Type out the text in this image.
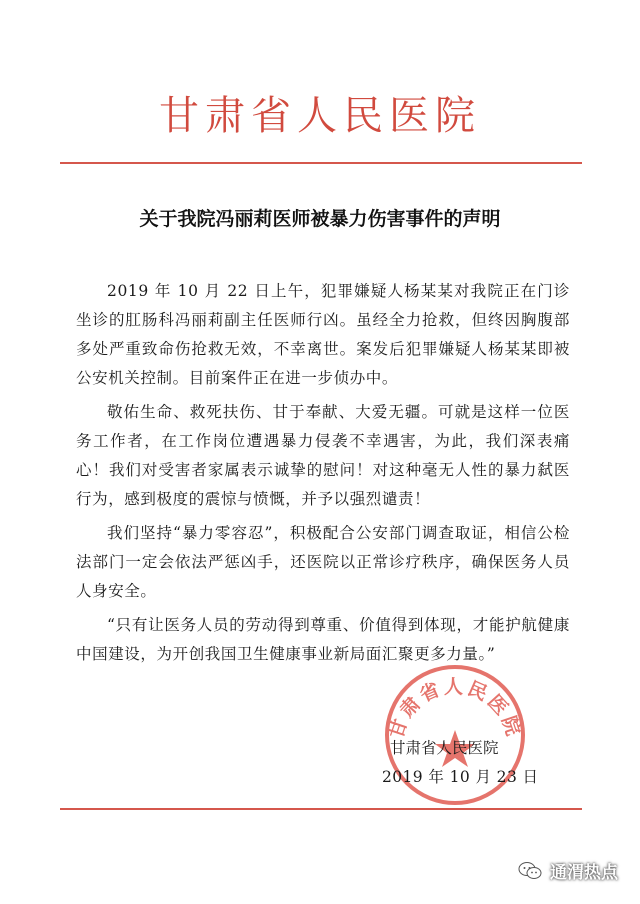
甘肃省人民医院
关于我院冯丽莉医师被暴力伤害事件的声明

2019 年 10 月 22 日上午，犯罪嫌疑人杨某某对我院正在门诊坐诊的肛肠科冯丽莉副主任医师行凶。虽经全力抢救，但终因胸腹部多处严重致命伤抢救无效，不幸离世。案发后犯罪嫌疑人杨某某即被公安机关控制。目前案件正在进一步侦办中。

敬佑生命、救死扶伤、甘于奉献、大爱无疆。可就是这样一位医务工作者，在工作岗位遭遇暴力侵袭不幸遇害，为此，我们深表痛心！我们对受害者家属表示诚挚的慰问！对这种毫无人性的暴力弑医行为，感到极度的震惊与愤慨，并予以强烈谴责！

我们坚持“暴力零容忍”，积极配合公安部门调查取证，相信公检法部门一定会依法严惩凶手，还医院以正常诊疗秩序，确保医务人员人身安全。

“只有让医务人员的劳动得到尊重、价值得到体现，才能护航健康中国建设，为开创我国卫生健康事业新局面汇聚更多力量。”

甘肃省人民医院
甘肃省人民医院
2019 年 10 月 23 日
通渭热点
